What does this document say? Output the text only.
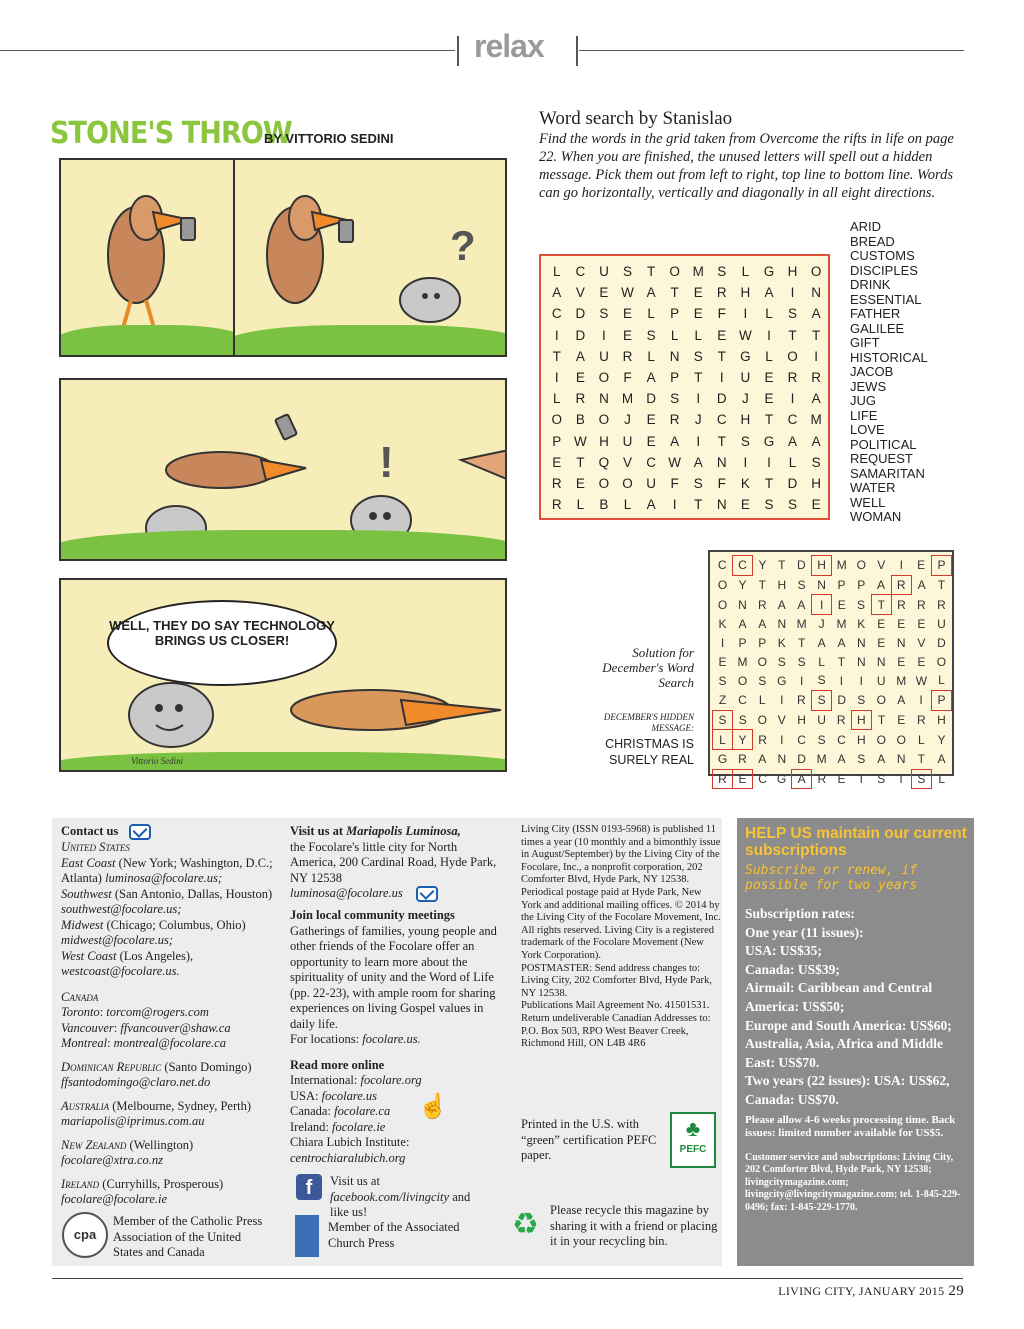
relax
STONE'S THROW
BY VITTORIO SEDINI
?
!
WELL, THEY DO SAY TECHNOLOGY BRINGS US CLOSER!
Vittorio Sedini
Word search by Stanislao
Find the words in the grid taken from Overcome the rifts in life on page 22. When you are finished, the unused letters will spell out a hidden message. Pick them out from left to right, top line to bottom line. Words can go horizontally, vertically and diagonally in all eight directions.
L	C	U	S	T	O	M	S	L	G	H	O
A	V	E	W	A	T	E	R	H	A	I	N
C	D	S	E	L	P	E	F	I	L	S	A
I	D	I	E	S	L	L	E	W	I	T	T
T	A	U	R	L	N	S	T	G	L	O	I
I	E	O	F	A	P	T	I	U	E	R	R
L	R	N	M	D	S	I	D	J	E	I	A
O	B	O	J	E	R	J	C	H	T	C	M
P	W	H	U	E	A	I	T	S	G	A	A
E	T	Q	V	C	W	A	N	I	I	L	S
R	E	O	O	U	F	S	F	K	T	D	H
R	L	B	L	A	I	T	N	E	S	S	E
ARID
BREAD
CUSTOMS
DISCIPLES
DRINK
ESSENTIAL
FATHER
GALILEE
GIFT
HISTORICAL
JACOB
JEWS
JUG
LIFE
LOVE
POLITICAL
REQUEST
SAMARITAN
WATER
WELL
WOMAN
Solution for December's Word Search
DECEMBER'S HIDDEN MESSAGE:
CHRISTMAS IS SURELY REAL
C	C	Y	T	D	H	M	O	V	I	E	P
O	Y	T	H	S	N	P	P	A	R	A	T
O	N	R	A	A	I	E	S	T	R	R	R
K	A	A	N	M	J	M	K	E	E	E	U
I	P	P	K	T	A	A	N	E	N	V	D
E	M	O	S	S	L	T	N	N	E	E	O
S	O	S	G	I	S	I	I	U	M	W	L
Z	C	L	I	R	S	D	S	O	A	I	P
S	S	O	V	H	U	R	H	T	E	R	H
L	Y	R	I	C	S	C	H	O	O	L	Y
G	R	A	N	D	M	A	S	A	N	T	A
R	E	C	G	A	R	E	T	S	I	S	L

Contact us

United States

East Coast (New York; Washington, D.C.; Atlanta) luminosa@focolare.us;

Southwest (San Antonio, Dallas, Houston) southwest@focolare.us;

Midwest (Chicago; Columbus, Ohio) midwest@focolare.us;

West Coast (Los Angeles), westcoast@focolare.us.

Canada

Toronto: torcom@rogers.com

Vancouver: ffvancouver@shaw.ca

Montreal: montreal@focolare.ca

Dominican Republic (Santo Domingo)
ffsantodomingo@claro.net.do

Australia (Melbourne, Sydney, Perth)
mariapolis@iprimus.com.au

New Zealand (Wellington)
focolare@xtra.co.nz

Ireland (Curryhills, Prosperous)
focolare@focolare.ie

cpa
Member of the Catholic Press Association of the United States and Canada

Visit us at Mariapolis Luminosa,

the Focolare's little city for North America, 200 Cardinal Road, Hyde Park, NY 12538

luminosa@focolare.us

Join local community meetings

Gatherings of families, young people and other friends of the Focolare offer an opportunity to learn more about the spirituality of unity and the Word of Life (pp. 22-23), with ample room for sharing experiences on living Gospel values in daily life.

For locations: focolare.us.

Read more online

International: focolare.org

USA: focolare.us

Canada: focolare.ca

Ireland: focolare.ie

Chiara Lubich Institute:

centrochiaralubich.org

☝
f	Visit us at facebook.com/livingcity and like us!
Member of the Associated Church Press

Living City (ISSN 0193-5968) is published 11 times a year (10 monthly and a bimonthly issue in August/September) by the Living City of the Focolare, Inc., a nonprofit corporation, 202 Comforter Blvd, Hyde Park, NY 12538. Periodical postage paid at Hyde Park, New York and additional mailing offices. © 2014 by the Living City of the Focolare Movement, Inc.

All rights reserved. Living City is a registered trademark of the Focolare Movement (New York Corporation).

POSTMASTER: Send address changes to: Living City, 202 Comforter Blvd, Hyde Park, NY 12538.

Publications Mail Agreement No. 41501531. Return undeliverable Canadian Addresses to: P.O. Box 503, RPO West Beaver Creek, Richmond Hill, ON L4B 4R6

Printed in the U.S. with “green” certification PEFC paper.
♣
PEFC
♻ Please recycle this magazine by sharing it with a friend or placing it in your recycling bin.
HELP US maintain our current subscriptions
Subscribe or renew, if possible for two years
Subscription rates:
One year (11 issues):
USA: US$35;
Canada: US$39;
Airmail: Caribbean and Central America: US$50;
Europe and South America: US$60;
Australia, Asia, Africa and Middle East: US$70.
Two years (22 issues): USA: US$62, Canada: US$70.
Please allow 4-6 weeks processing time. Back issues: limited number available for US$5.
Customer service and subscriptions: Living City, 202 Comforter Blvd, Hyde Park, NY 12538; livingcitymagazine.com; livingcity@livingcitymagazine.com; tel. 1-845-229-0496; fax: 1-845-229-1770.
LIVING CITY, JANUARY 2015 29
